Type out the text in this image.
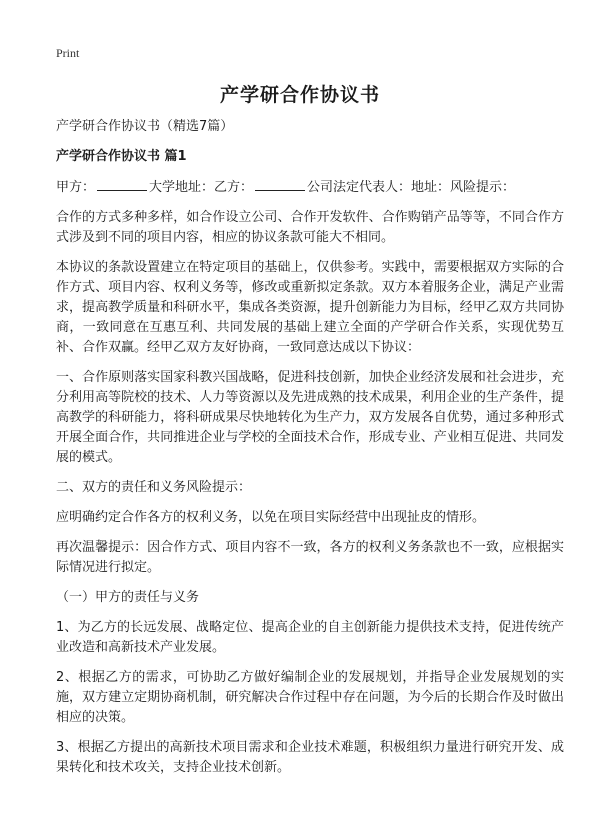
Print
产学研合作协议书

产学研合作协议书（精选7篇）

产学研合作协议书 篇1

甲方：	大学地址：乙方：	公司法定代表人：地址：风险提示：

合作的方式多种多样，如合作设立公司、合作开发软件、合作购销产品等等，不同合作方式涉及到不同的项目内容，相应的协议条款可能大不相同。

本协议的条款设置建立在特定项目的基础上，仅供参考。实践中，需要根据双方实际的合作方式、项目内容、权利义务等，修改或重新拟定条款。双方本着服务企业，满足产业需求，提高教学质量和科研水平，集成各类资源，提升创新能力为目标，经甲乙双方共同协商，一致同意在互惠互利、共同发展的基础上建立全面的产学研合作关系，实现优势互补、合作双赢。经甲乙双方友好协商，一致同意达成以下协议：

一、合作原则落实国家科教兴国战略，促进科技创新，加快企业经济发展和社会进步，充分利用高等院校的技术、人力等资源以及先进成熟的技术成果，利用企业的生产条件，提高教学的科研能力，将科研成果尽快地转化为生产力，双方发展各自优势，通过多种形式开展全面合作，共同推进企业与学校的全面技术合作，形成专业、产业相互促进、共同发展的模式。

二、双方的责任和义务风险提示：

应明确约定合作各方的权利义务，以免在项目实际经营中出现扯皮的情形。

再次温馨提示：因合作方式、项目内容不一致，各方的权利义务条款也不一致，应根据实际情况进行拟定。

（一）甲方的责任与义务

1、为乙方的长远发展、战略定位、提高企业的自主创新能力提供技术支持，促进传统产业改造和高新技术产业发展。

2、根据乙方的需求，可协助乙方做好编制企业的发展规划，并指导企业发展规划的实施，双方建立定期协商机制，研究解决合作过程中存在问题，为今后的长期合作及时做出相应的决策。

3、根据乙方提出的高新技术项目需求和企业技术难题，积极组织力量进行研究开发、成果转化和技术攻关，支持企业技术创新。
